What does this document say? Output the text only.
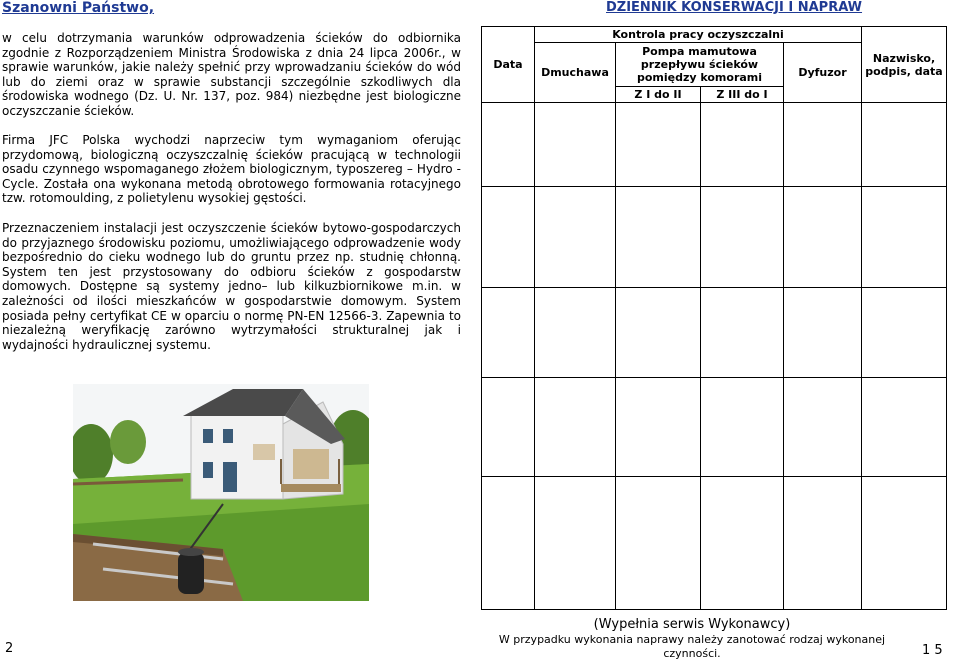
Szanowni Państwo,
w celu dotrzymania warunków odprowadzenia ścieków do odbiornika zgodnie z Rozporządzeniem Ministra Środowiska z dnia 24 lipca 2006r., w sprawie warunków, jakie należy spełnić przy wprowadzaniu ścieków do wód lub do ziemi oraz w sprawie substancji szczególnie szkodliwych dla środowiska wodnego (Dz. U. Nr. 137, poz. 984) niezbędne jest biologiczne oczyszczanie ścieków.
Firma JFC Polska wychodzi naprzeciw tym wymaganiom oferując przydomową, biologiczną oczyszczalnię ścieków pracującą w technologii osadu czynnego wspomaganego złożem biologicznym, typoszereg – Hydro -Cycle. Została ona wykonana metodą obrotowego formowania rotacyjnego tzw. rotomoulding, z polietylenu wysokiej gęstości.
Przeznaczeniem instalacji jest oczyszczenie ścieków bytowo-gospodarczych do przyjaznego środowisku poziomu, umożliwiającego odprowadzenie wody bezpośrednio do cieku wodnego lub do gruntu przez np. studnię chłonną. System ten jest przystosowany do odbioru ścieków z gospodarstw domowych. Dostępne są systemy jedno– lub kilkuzbiornikowe m.in. w zależności od ilości mieszkańców w gospodarstwie domowym. System posiada pełny certyfikat CE w oparciu o normę PN-EN 12566-3. Zapewnia to niezależną weryfikację zarówno wytrzymałości strukturalnej jak i wydajności hydraulicznej systemu.
2
DZIENNIK KONSERWACJI I NAPRAW
Data	Kontrola pracy oczyszczalni				Nazwisko, podpis, data
	Dmuchawa	Pompa mamutowa przepływu ścieków pomiędzy komorami		Dyfuzor	
		Z I do II	Z III do I		

(Wypełnia serwis Wykonawcy)
W przypadku wykonania naprawy należy zanotować rodzaj wykonanej czynności.	1 5
